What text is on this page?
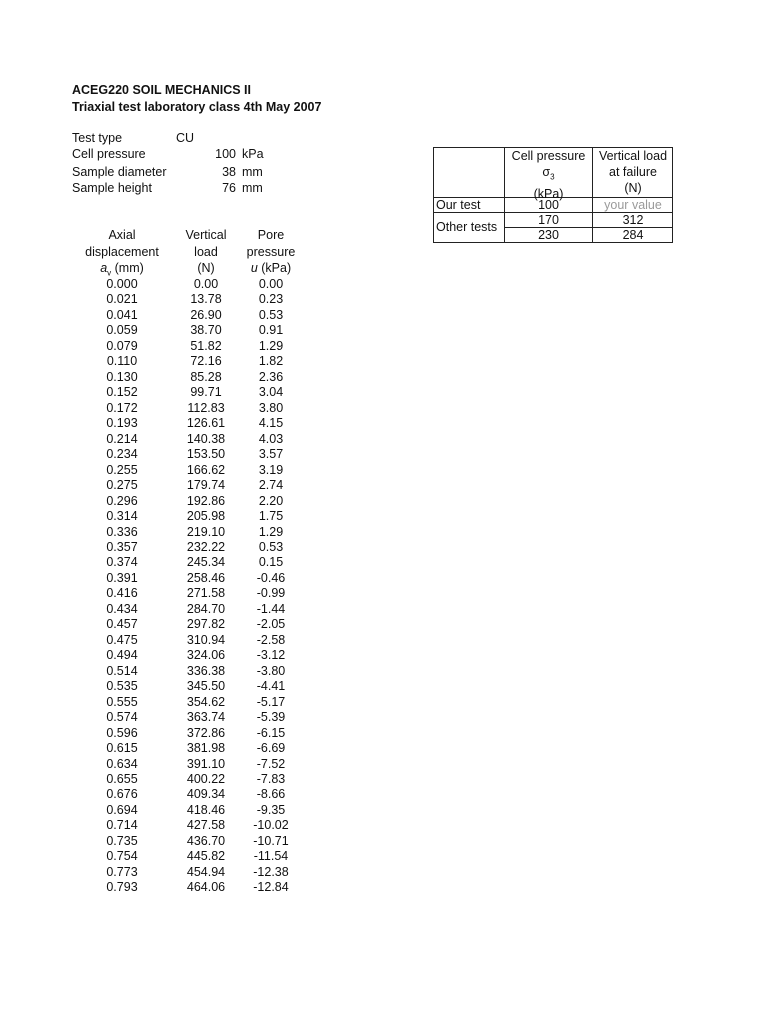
ACEG220 SOIL MECHANICS II
Triaxial test laboratory class 4th May 2007
Test type	CU
Cell pressure	100 kPa
Sample diameter	38 mm
Sample height	76 mm
Axial
displacement
$a_v$ (mm)
Vertical
load
(N)
Pore
pressure
u (kPa)
0.000	0.00	0.00
0.021	13.78	0.23
0.041	26.90	0.53
0.059	38.70	0.91
0.079	51.82	1.29
0.110	72.16	1.82
0.130	85.28	2.36
0.152	99.71	3.04
0.172	112.83	3.80
0.193	126.61	4.15
0.214	140.38	4.03
0.234	153.50	3.57
0.255	166.62	3.19
0.275	179.74	2.74
0.296	192.86	2.20
0.314	205.98	1.75
0.336	219.10	1.29
0.357	232.22	0.53
0.374	245.34	0.15
0.391	258.46	-0.46
0.416	271.58	-0.99
0.434	284.70	-1.44
0.457	297.82	-2.05
0.475	310.94	-2.58
0.494	324.06	-3.12
0.514	336.38	-3.80
0.535	345.50	-4.41
0.555	354.62	-5.17
0.574	363.74	-5.39
0.596	372.86	-6.15
0.615	381.98	-6.69
0.634	391.10	-7.52
0.655	400.22	-7.83
0.676	409.34	-8.66
0.694	418.46	-9.35
0.714	427.58	-10.02
0.735	436.70	-10.71
0.754	445.82	-11.54
0.773	454.94	-12.38
0.793	464.06	-12.84
Cell pressure
$\sigma_3$
(kPa)
Vertical load
at failure
(N)
Our test	100	your value
Other tests	170	312
230	284
